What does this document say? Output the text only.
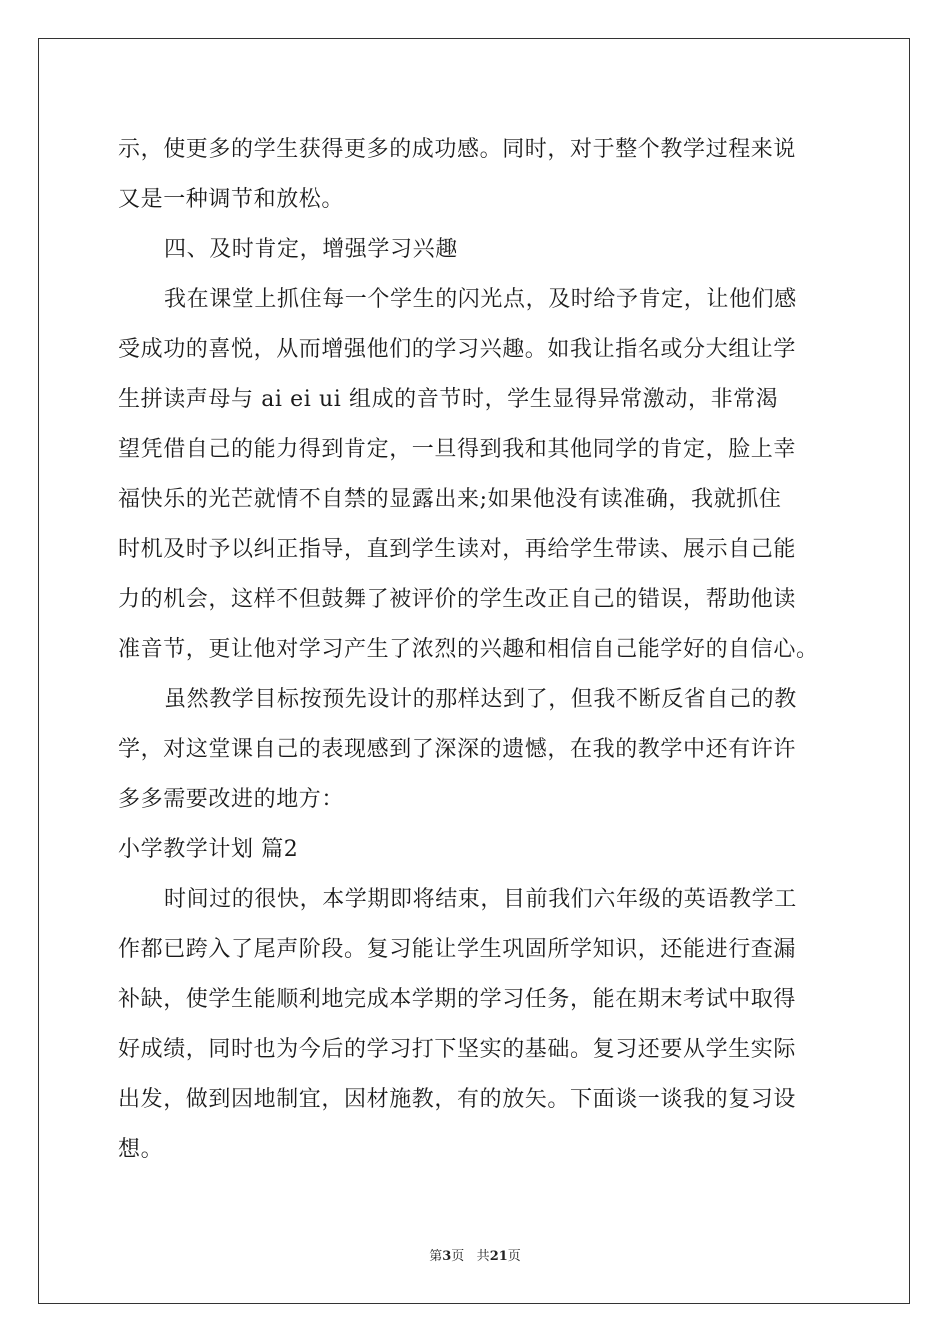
示，使更多的学生获得更多的成功感。同时，对于整个教学过程来说
又是一种调节和放松。
四、及时肯定，增强学习兴趣
我在课堂上抓住每一个学生的闪光点，及时给予肯定，让他们感
受成功的喜悦，从而增强他们的学习兴趣。如我让指名或分大组让学
生拼读声母与 ai ei ui 组成的音节时，学生显得异常激动，非常渴
望凭借自己的能力得到肯定，一旦得到我和其他同学的肯定，脸上幸
福快乐的光芒就情不自禁的显露出来;如果他没有读准确，我就抓住
时机及时予以纠正指导，直到学生读对，再给学生带读、展示自己能
力的机会，这样不但鼓舞了被评价的学生改正自己的错误，帮助他读
准音节，更让他对学习产生了浓烈的兴趣和相信自己能学好的自信心。
虽然教学目标按预先设计的那样达到了，但我不断反省自己的教
学，对这堂课自己的表现感到了深深的遗憾，在我的教学中还有许许
多多需要改进的地方：
小学教学计划 篇2
时间过的很快，本学期即将结束，目前我们六年级的英语教学工
作都已跨入了尾声阶段。复习能让学生巩固所学知识，还能进行查漏
补缺，使学生能顺利地完成本学期的学习任务，能在期末考试中取得
好成绩，同时也为今后的学习打下坚实的基础。复习还要从学生实际
出发，做到因地制宜，因材施教，有的放矢。下面谈一谈我的复习设
想。
第3页 共21页
